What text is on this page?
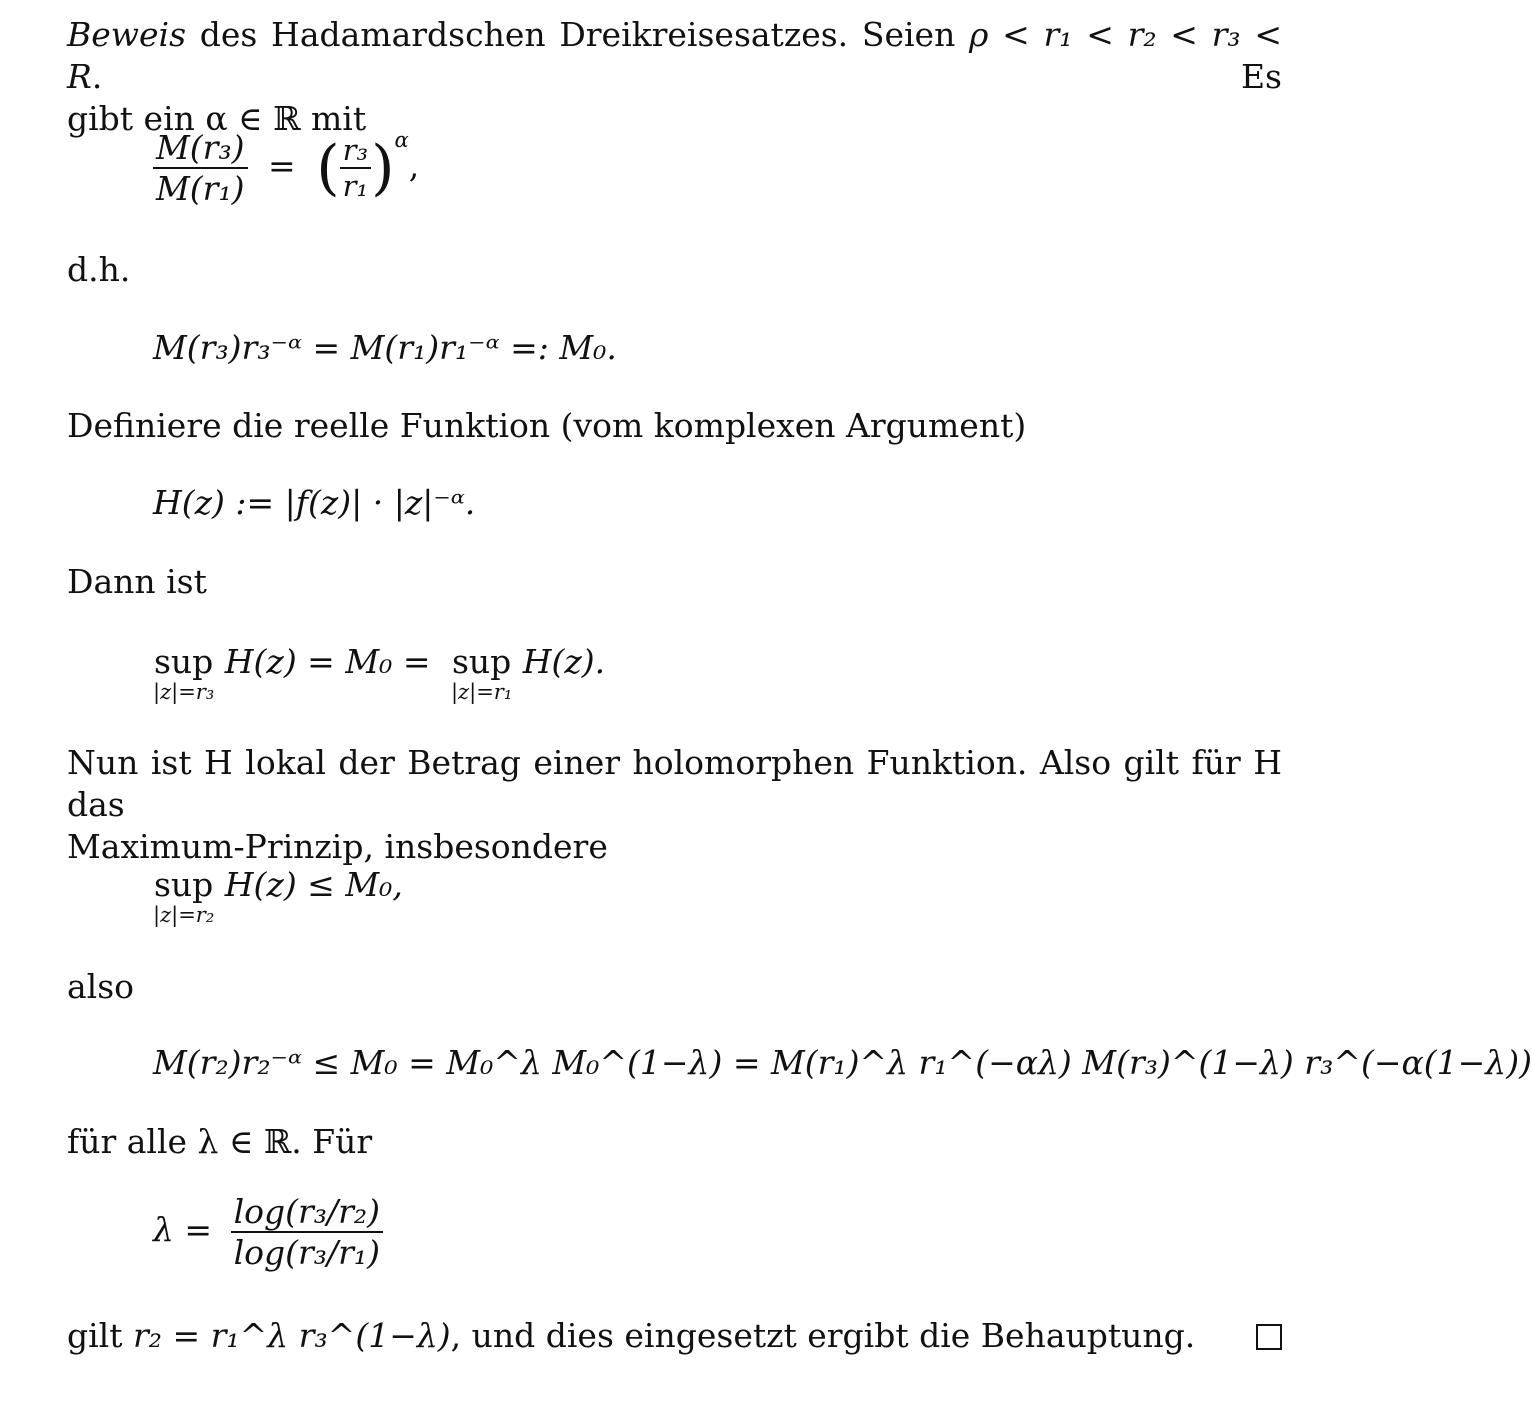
Beweis des Hadamardschen Dreikreisesatzes. Seien ρ < r₁ < r₂ < r₃ < R. Es
gibt ein α ∈ ℝ mit
$\frac{\text{M(r₃)}}{\text{M(r₁)}}$ = ( $\frac{\text{r₃}}{\text{r₁}} )^\alpha$,
d.h.
M(r₃)r₃⁻ᵅ = M(r₁)r₁⁻ᵅ =: M₀.
Definiere die reelle Funktion (vom komplexen Argument)
H(z) := |f(z)| · |z|⁻ᵅ.
Dann ist
sup
|z|=r₃
H(z) = M₀ = sup
|z|=r₁
H(z).
Nun ist H lokal der Betrag einer holomorphen Funktion. Also gilt für H das
Maximum-Prinzip, insbesondere
sup
|z|=r₂
H(z) ≤ M₀,
also
M(r₂)r₂⁻ᵅ ≤ M₀ = M₀^λ M₀^(1−λ) = M(r₁)^λ r₁^(−αλ) M(r₃)^(1−λ) r₃^(−α(1−λ))
für alle λ ∈ ℝ. Für
$\lambda = \frac{\text{log(r₃/r₂)}}{\text{log(r₃/r₁)}}$
gilt r₂ = r₁^λ r₃^(1−λ), und dies eingesetzt ergibt die Behauptung.
